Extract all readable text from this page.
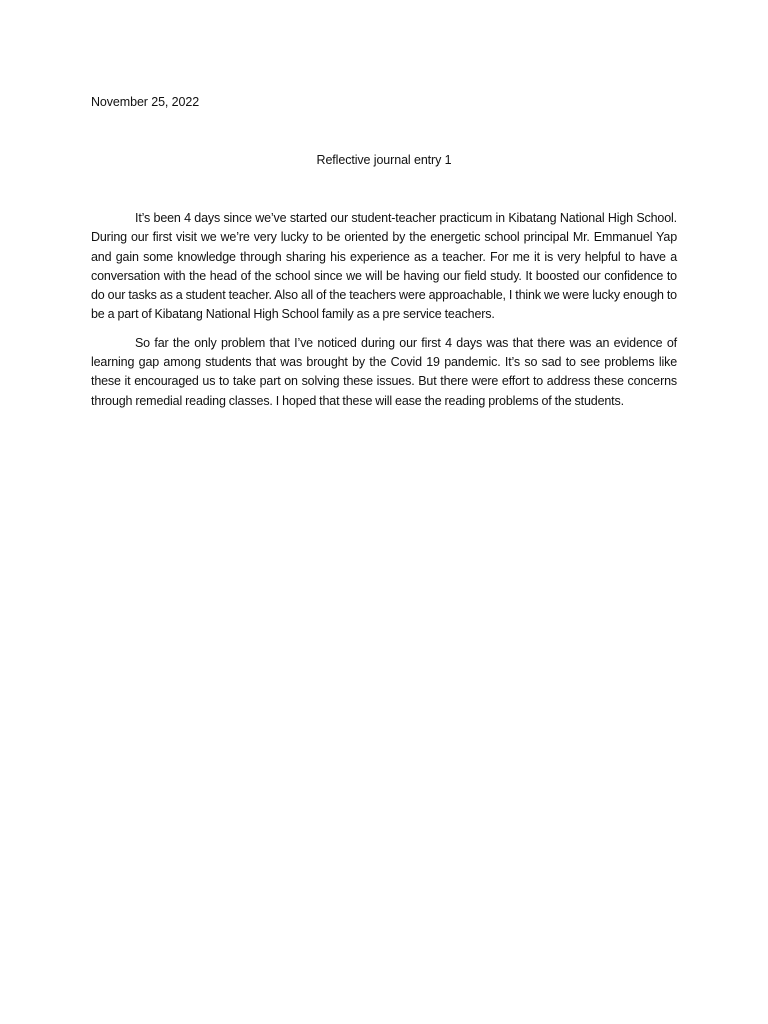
November 25, 2022
Reflective journal entry 1

It’s been 4 days since we’ve started our student-teacher practicum in Kibatang National High School. During our first visit we we’re very lucky to be oriented by the energetic school principal Mr. Emmanuel Yap and gain some knowledge through sharing his experience as a teacher. For me it is very helpful to have a conversation with the head of the school since we will be having our field study. It boosted our confidence to do our tasks as a student teacher. Also all of the teachers were approachable, I think we were lucky enough to be a part of Kibatang National High School family as a pre service teachers.

So far the only problem that I’ve noticed during our first 4 days was that there was an evidence of learning gap among students that was brought by the Covid 19 pandemic. It’s so sad to see problems like these it encouraged us to take part on solving these issues. But there were effort to address these concerns through remedial reading classes. I hoped that these will ease the reading problems of the students.
